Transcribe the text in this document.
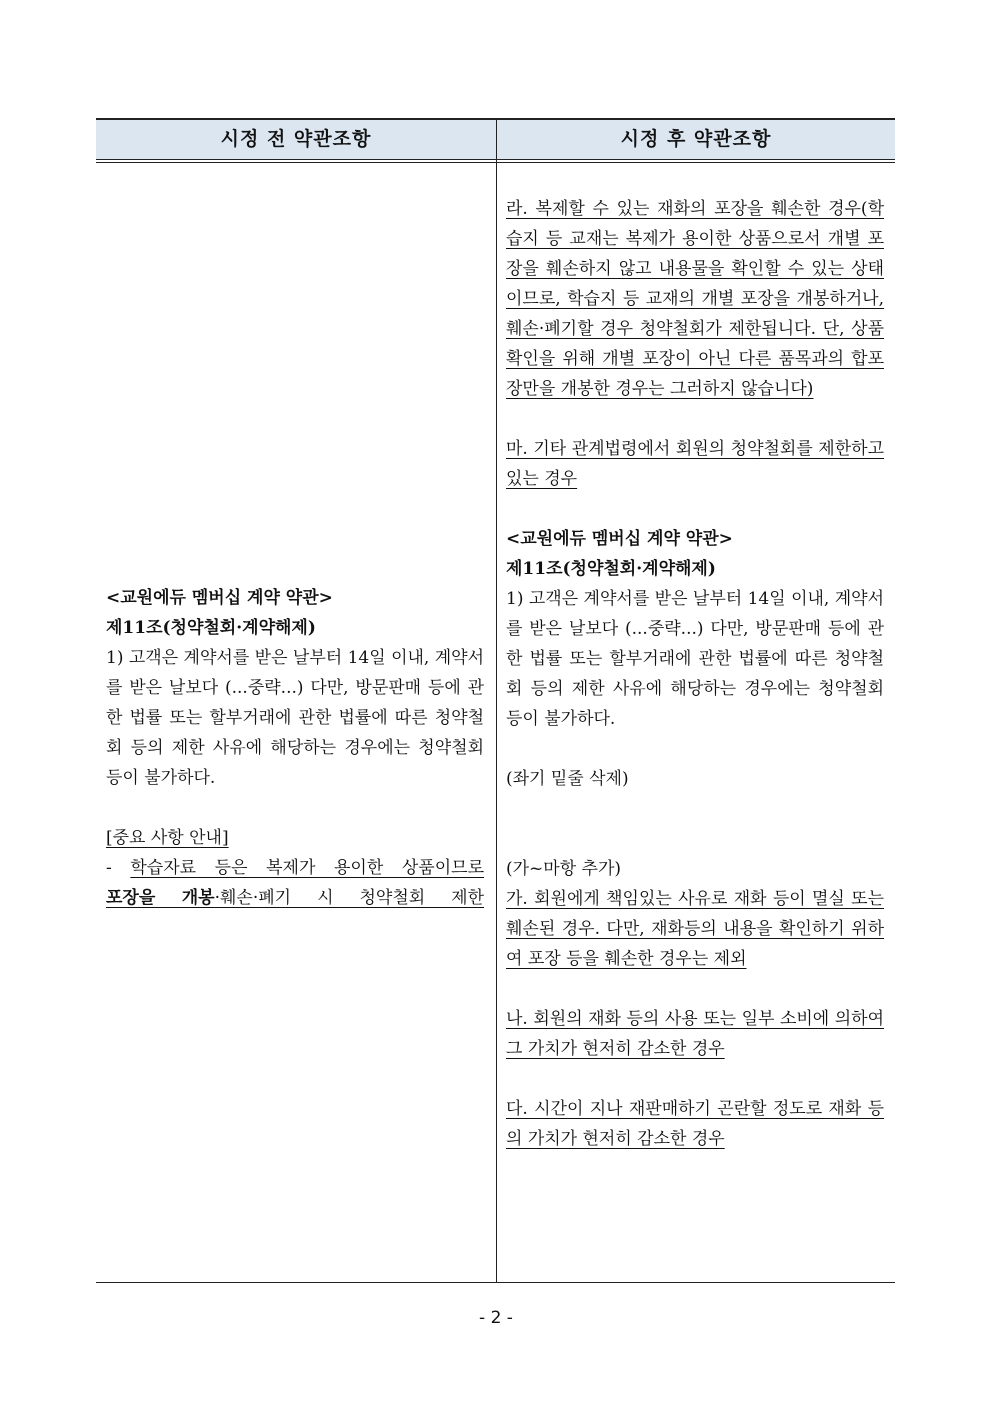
시정 전 약관조항	시정 후 약관조항

<교원에듀 멤버십 계약 약관>

제11조(청약철회·계약해제)

1) 고객은 계약서를 받은 날부터 14일 이내, 계약서를 받은 날보다 (...중략...) 다만, 방문판매 등에 관한 법률 또는 할부거래에 관한 법률에 따른 청약철회 등의 제한 사유에 해당하는 경우에는 청약철회 등이 불가하다.

[중요 사항 안내]

- 학습자료 등은 복제가 용이한 상품이므로

포장을 개봉·훼손·폐기 시 청약철회 제한

라. 복제할 수 있는 재화의 포장을 훼손한 경우(학습지 등 교재는 복제가 용이한 상품으로서 개별 포장을 훼손하지 않고 내용물을 확인할 수 있는 상태이므로, 학습지 등 교재의 개별 포장을 개봉하거나, 훼손·폐기할 경우 청약철회가 제한됩니다. 단, 상품 확인을 위해 개별 포장이 아닌 다른 품목과의 합포장만을 개봉한 경우는 그러하지 않습니다)

마. 기타 관계법령에서 회원의 청약철회를 제한하고 있는 경우

<교원에듀 멤버십 계약 약관>

제11조(청약철회·계약해제)

1) 고객은 계약서를 받은 날부터 14일 이내, 계약서를 받은 날보다 (...중략...) 다만, 방문판매 등에 관한 법률 또는 할부거래에 관한 법률에 따른 청약철회 등의 제한 사유에 해당하는 경우에는 청약철회 등이 불가하다.

(좌기 밑줄 삭제)

(가~마항 추가)

가. 회원에게 책임있는 사유로 재화 등이 멸실 또는 훼손된 경우. 다만, 재화등의 내용을 확인하기 위하여 포장 등을 훼손한 경우는 제외

나. 회원의 재화 등의 사용 또는 일부 소비에 의하여 그 가치가 현저히 감소한 경우

다. 시간이 지나 재판매하기 곤란할 정도로 재화 등의 가치가 현저히 감소한 경우

- 2 -
